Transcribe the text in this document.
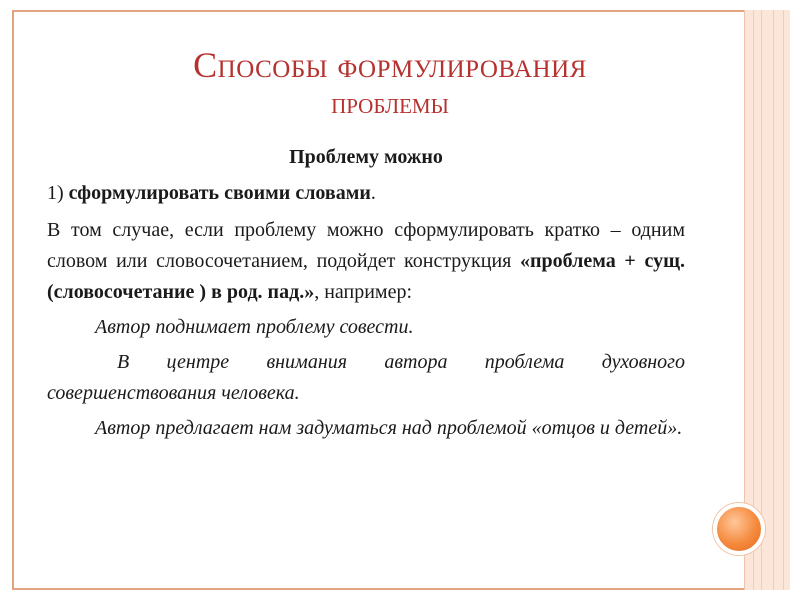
Способы формулирования
проблемы

Проблему можно

1) сформулировать своими словами.

В том случае, если проблему можно сформулировать кратко – одним словом или словосочетанием, подойдет конструкция «проблема + сущ. (словосочетание ) в род. пад.», например:

Автор поднимает проблему совести.

В центре внимания автора проблема духовного совершенствования человека.

Автор предлагает нам задуматься над проблемой «отцов и детей».
